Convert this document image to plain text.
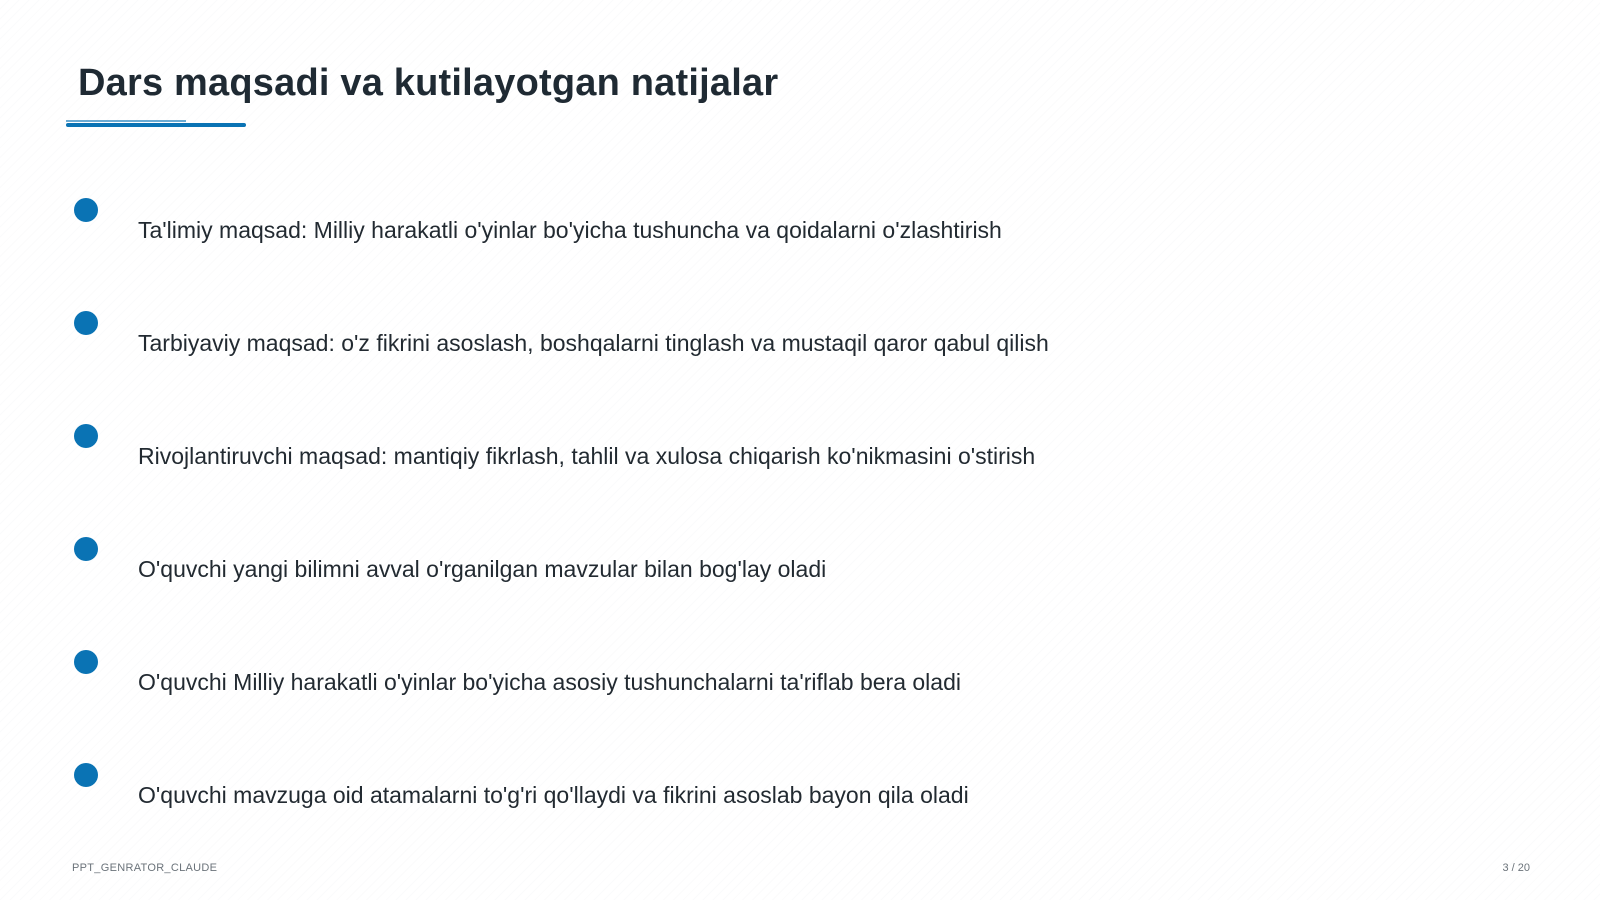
Dars maqsadi va kutilayotgan natijalar
Ta'limiy maqsad: Milliy harakatli o'yinlar bo'yicha tushuncha va qoidalarni o'zlashtirish
Tarbiyaviy maqsad: o'z fikrini asoslash, boshqalarni tinglash va mustaqil qaror qabul qilish
Rivojlantiruvchi maqsad: mantiqiy fikrlash, tahlil va xulosa chiqarish ko'nikmasini o'stirish
O'quvchi yangi bilimni avval o'rganilgan mavzular bilan bog'lay oladi
O'quvchi Milliy harakatli o'yinlar bo'yicha asosiy tushunchalarni ta'riflab bera oladi
O'quvchi mavzuga oid atamalarni to'g'ri qo'llaydi va fikrini asoslab bayon qila oladi
PPT_GENRATOR_CLAUDE	3 / 20
